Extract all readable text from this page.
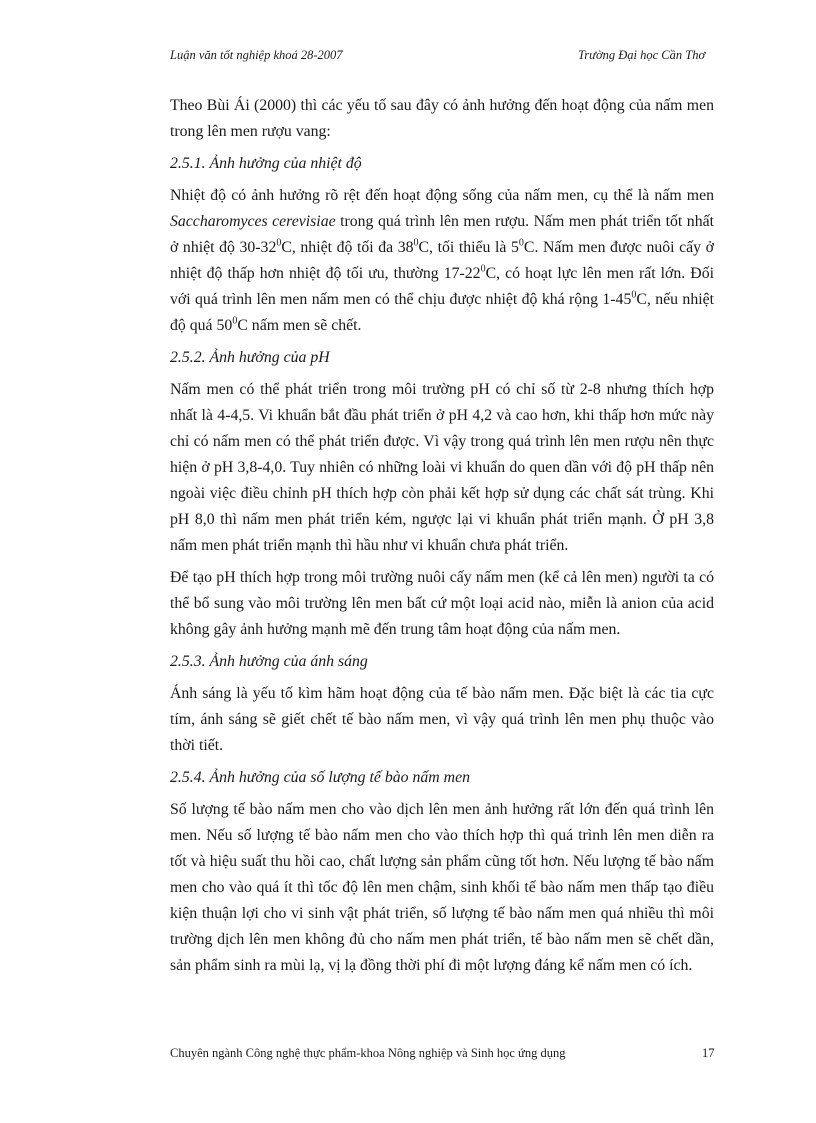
Luận văn tốt nghiệp khoá 28-2007	Trường Đại học Cần Thơ

Theo Bùi Ái (2000) thì các yếu tố sau đây có ảnh hưởng đến hoạt động của nấm men trong lên men rượu vang:

2.5.1. Ảnh hưởng của nhiệt độ

Nhiệt độ có ảnh hưởng rõ rệt đến hoạt động sống của nấm men, cụ thể là nấm men Saccharomyces cerevisiae trong quá trình lên men rượu. Nấm men phát triển tốt nhất ở nhiệt độ $30-32^0C$, nhiệt độ tối đa $38^0C$, tối thiểu là $5^0C$. Nấm men được nuôi cấy ở nhiệt độ thấp hơn nhiệt độ tối ưu, thường $17-22^0C$, có hoạt lực lên men rất lớn. Đối với quá trình lên men nấm men có thể chịu được nhiệt độ khá rộng $1-45^0C$, nếu nhiệt độ quá $50^0C$ nấm men sẽ chết.

2.5.2. Ảnh hưởng của pH

Nấm men có thể phát triển trong môi trường pH có chỉ số từ 2-8 nhưng thích hợp nhất là 4-4,5. Vi khuẩn bắt đầu phát triển ở pH 4,2 và cao hơn, khi thấp hơn mức này chỉ có nấm men có thể phát triển được. Vì vậy trong quá trình lên men rượu nên thực hiện ở pH 3,8-4,0. Tuy nhiên có những loài vi khuẩn do quen dần với độ pH thấp nên ngoài việc điều chỉnh pH thích hợp còn phải kết hợp sử dụng các chất sát trùng. Khi pH 8,0 thì nấm men phát triển kém, ngược lại vi khuẩn phát triển mạnh. Ở pH 3,8 nấm men phát triển mạnh thì hầu như vi khuẩn chưa phát triển.

Để tạo pH thích hợp trong môi trường nuôi cấy nấm men (kể cả lên men) người ta có thể bổ sung vào môi trường lên men bất cứ một loại acid nào, miễn là anion của acid không gây ảnh hưởng mạnh mẽ đến trung tâm hoạt động của nấm men.

2.5.3. Ảnh hưởng của ánh sáng

Ánh sáng là yếu tố kìm hãm hoạt động của tế bào nấm men. Đặc biệt là các tia cực tím, ánh sáng sẽ giết chết tế bào nấm men, vì vậy quá trình lên men phụ thuộc vào thời tiết.

2.5.4. Ảnh hưởng của số lượng tế bào nấm men

Số lượng tế bào nấm men cho vào dịch lên men ảnh hưởng rất lớn đến quá trình lên men. Nếu số lượng tế bào nấm men cho vào thích hợp thì quá trình lên men diễn ra tốt và hiệu suất thu hồi cao, chất lượng sản phẩm cũng tốt hơn. Nếu lượng tế bào nấm men cho vào quá ít thì tốc độ lên men chậm, sinh khối tế bào nấm men thấp tạo điều kiện thuận lợi cho vi sinh vật phát triển, số lượng tế bào nấm men quá nhiều thì môi trường dịch lên men không đủ cho nấm men phát triển, tế bào nấm men sẽ chết dần, sản phẩm sinh ra mùi lạ, vị lạ đồng thời phí đi một lượng đáng kể nấm men có ích.

Chuyên ngành Công nghệ thực phẩm-khoa Nông nghiệp và Sinh học ứng dụng	17
